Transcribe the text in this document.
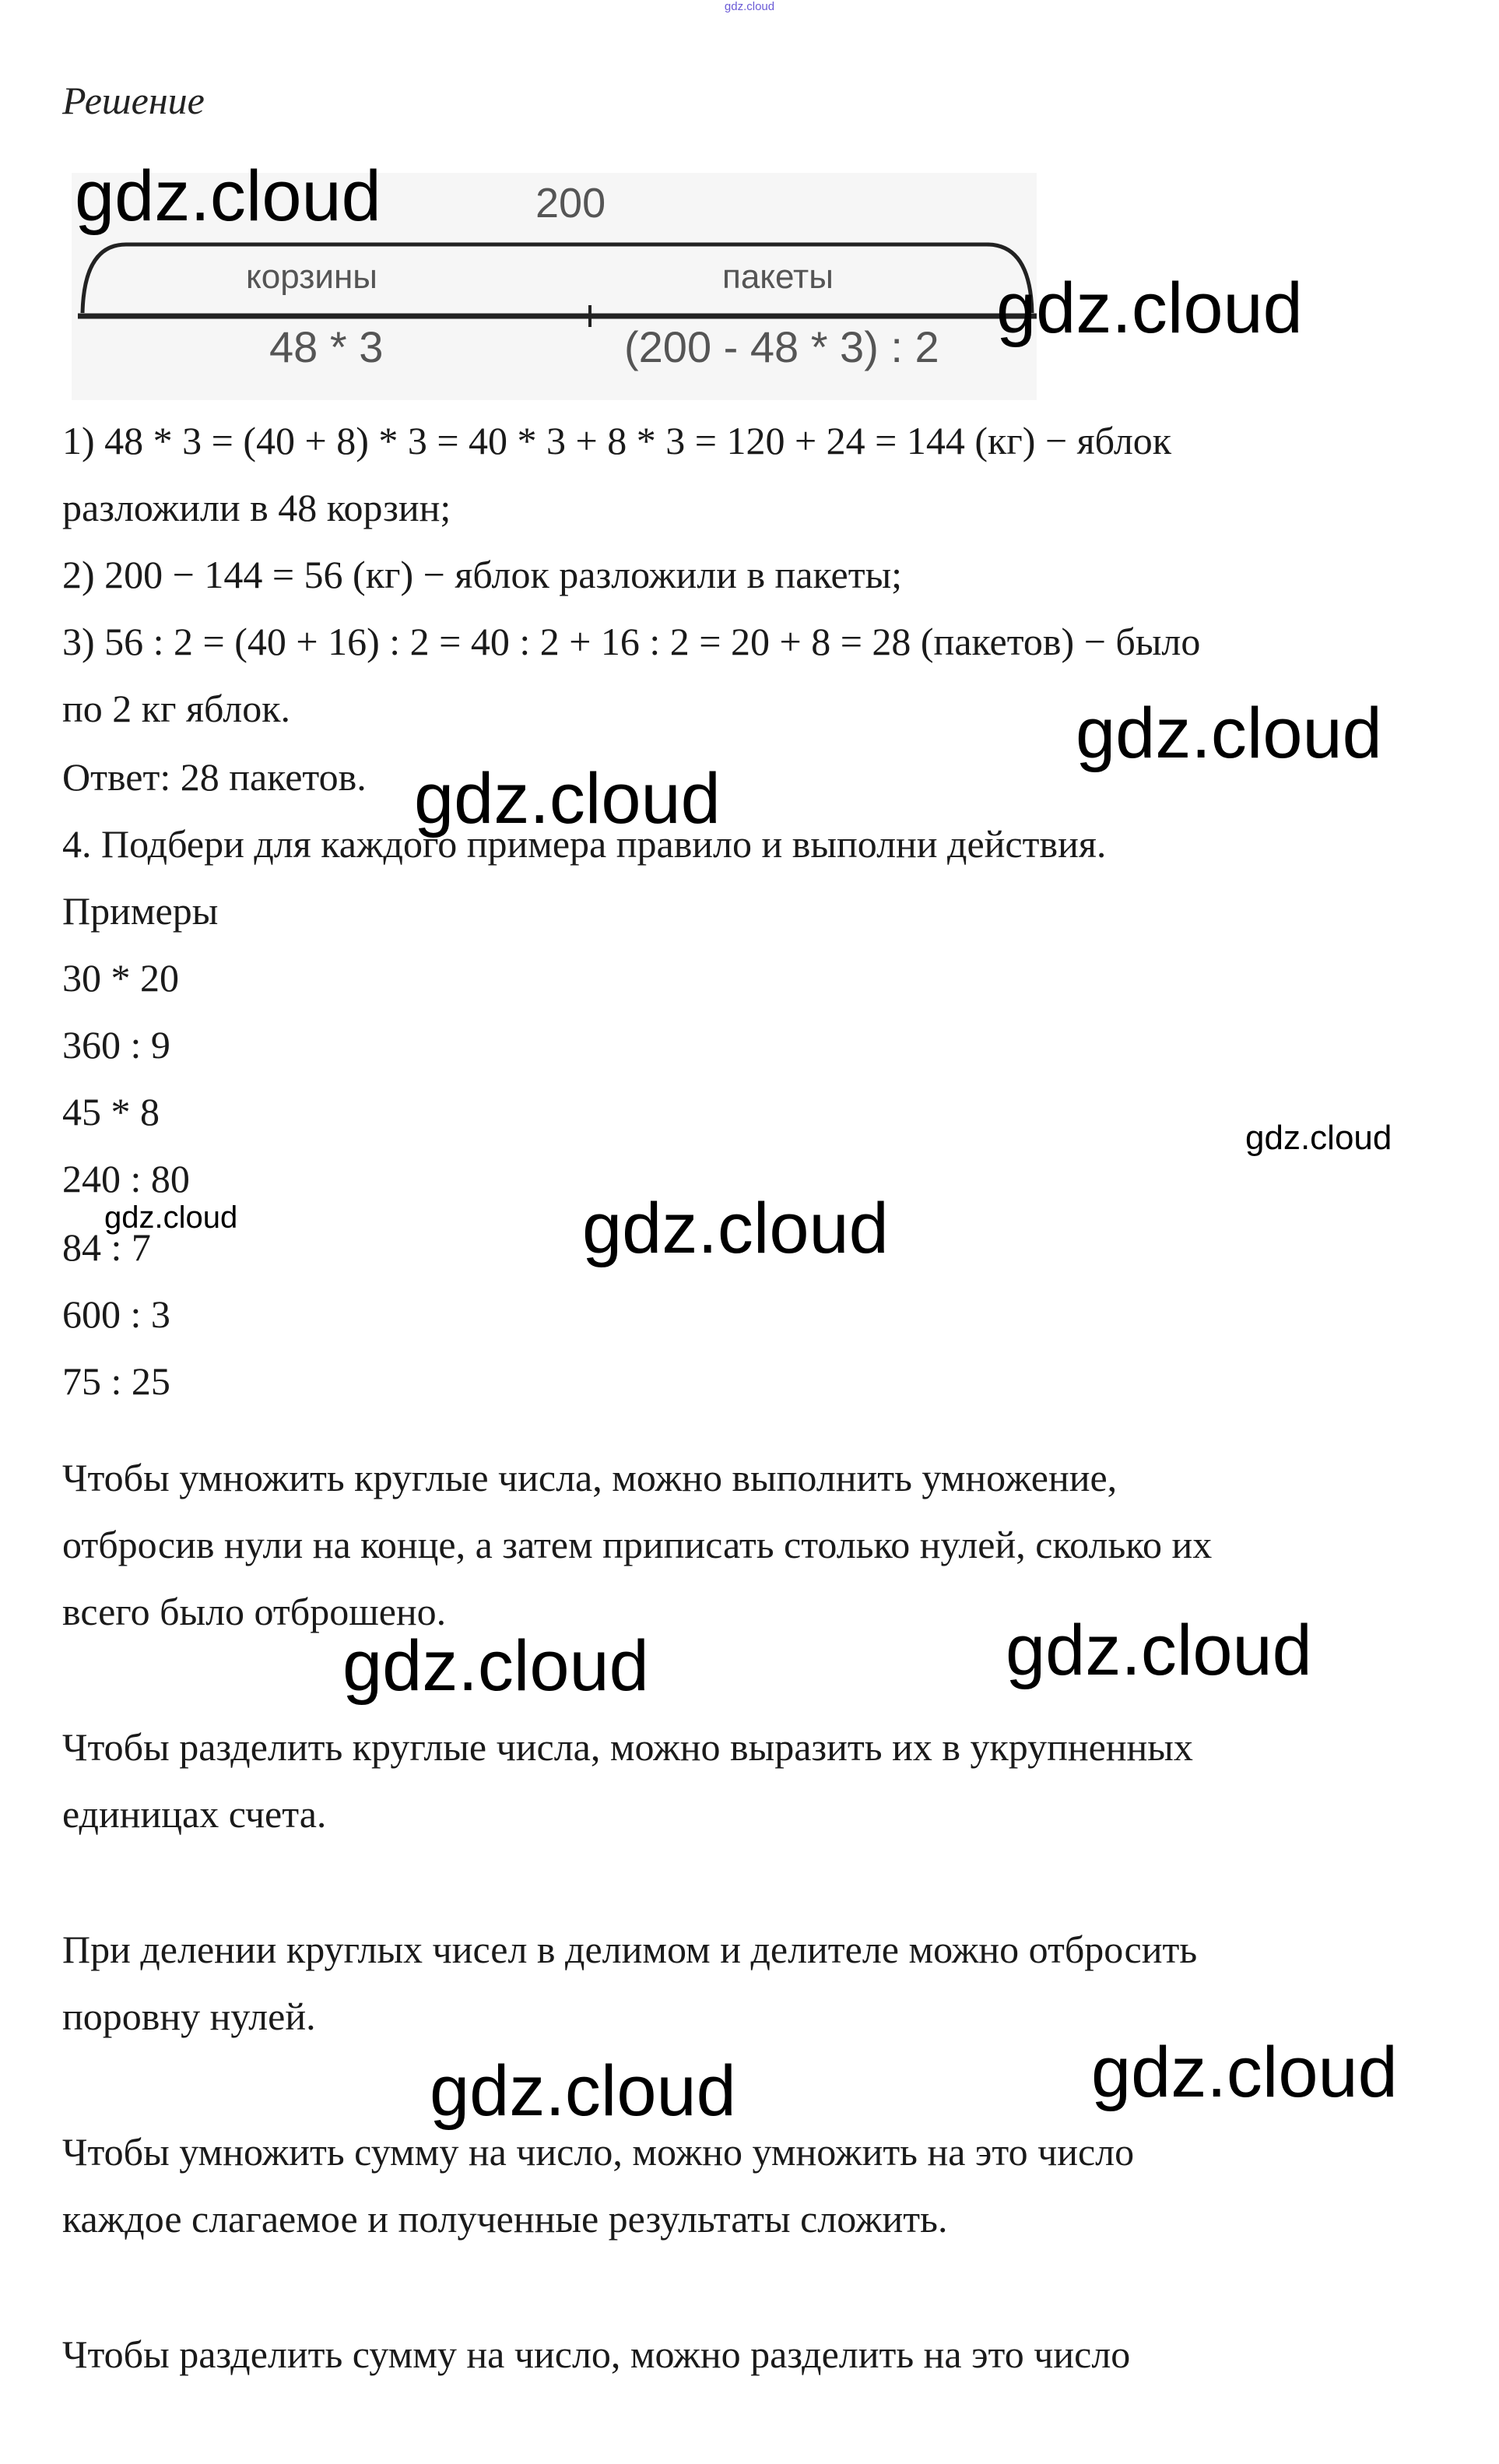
gdz.cloud
Решение
200
корзины	пакеты
48 * 3	(200 - 48 * 3) : 2
1) 48 * 3 = (40 + 8) * 3 = 40 * 3 + 8 * 3 = 120 + 24 = 144 (кг) − яблок
разложили в 48 корзин;
2) 200 − 144 = 56 (кг) − яблок разложили в пакеты;
3) 56 : 2 = (40 + 16) : 2 = 40 : 2 + 16 : 2 = 20 + 8 = 28 (пакетов) − было
по 2 кг яблок.
Ответ: 28 пакетов.
4. Подбери для каждого примера правило и выполни действия.
Примеры
30 * 20
360 : 9
45 * 8
240 : 80
84 : 7
600 : 3
75 : 25
Чтобы умножить круглые числа, можно выполнить умножение,
отбросив нули на конце, а затем приписать столько нулей, сколько их
всего было отброшено.
Чтобы разделить круглые числа, можно выразить их в укрупненных
единицах счета.
При делении круглых чисел в делимом и делителе можно отбросить
поровну нулей.
Чтобы умножить сумму на число, можно умножить на это число
каждое слагаемое и полученные результаты сложить.
Чтобы разделить сумму на число, можно разделить на это число
gdz.cloud
gdz.cloud
gdz.cloud
gdz.cloud
gdz.cloud
gdz.cloud	gdz.cloud
gdz.cloud
gdz.cloud
gdz.cloud
gdz.cloud
